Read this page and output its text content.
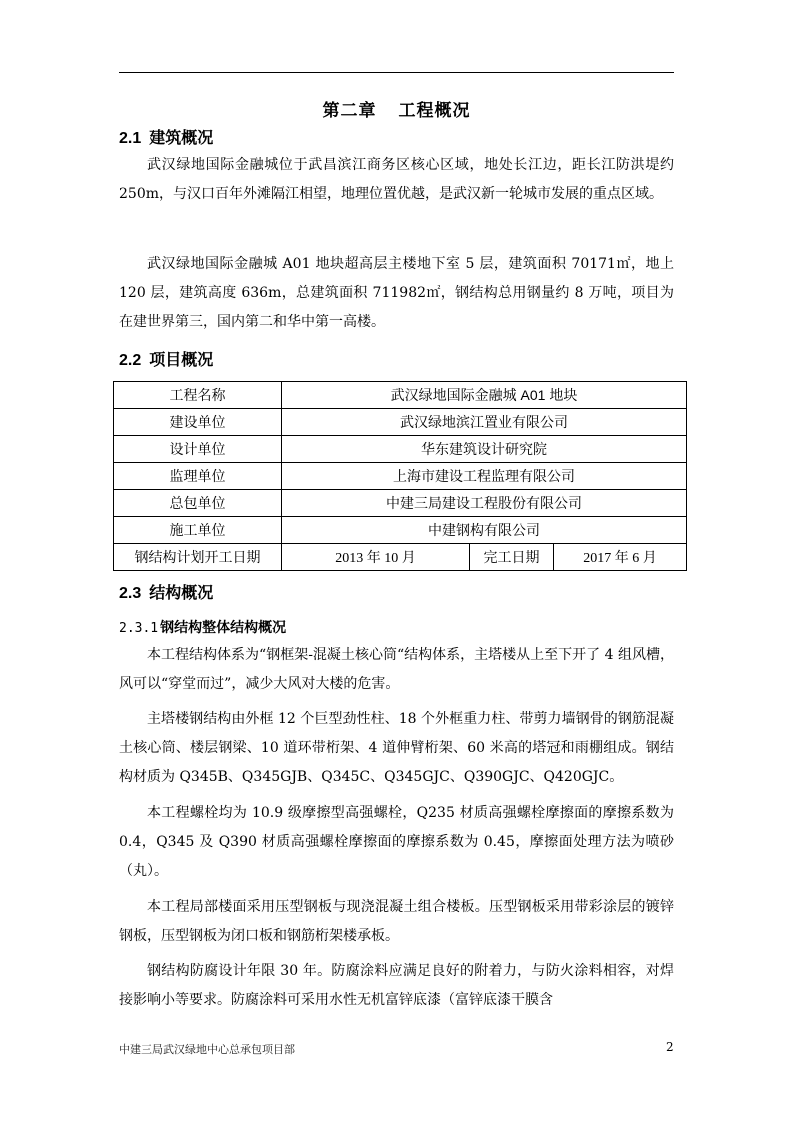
第二章 工程概况
2.1 建筑概况
武汉绿地国际金融城位于武昌滨江商务区核心区域，地处长江边，距长江防洪堤约 250m，与汉口百年外滩隔江相望，地理位置优越，是武汉新一轮城市发展的重点区域。
武汉绿地国际金融城 A01 地块超高层主楼地下室 5 层，建筑面积 70171㎡，地上 120 层，建筑高度 636m，总建筑面积 711982㎡，钢结构总用钢量约 8 万吨，项目为在建世界第三，国内第二和华中第一高楼。
2.2 项目概况
工程名称	武汉绿地国际金融城 A01 地块		
建设单位	武汉绿地滨江置业有限公司		
设计单位	华东建筑设计研究院		
监理单位	上海市建设工程监理有限公司		
总包单位	中建三局建设工程股份有限公司		
施工单位	中建钢构有限公司		
钢结构计划开工日期	2013 年 10 月	完工日期	2017 年 6 月
2.3 结构概况
2.3.1 钢结构整体结构概况
本工程结构体系为“钢框架-混凝土核心筒“结构体系，主塔楼从上至下开了 4 组风槽，风可以“穿堂而过”，减少大风对大楼的危害。
主塔楼钢结构由外框 12 个巨型劲性柱、18 个外框重力柱、带剪力墙钢骨的钢筋混凝土核心筒、楼层钢梁、10 道环带桁架、4 道伸臂桁架、60 米高的塔冠和雨棚组成。钢结构材质为 Q345B、Q345GJB、Q345C、Q345GJC、Q390GJC、Q420GJC。
本工程螺栓均为 10.9 级摩擦型高强螺栓，Q235 材质高强螺栓摩擦面的摩擦系数为 0.4，Q345 及 Q390 材质高强螺栓摩擦面的摩擦系数为 0.45，摩擦面处理方法为喷砂（丸）。
本工程局部楼面采用压型钢板与现浇混凝土组合楼板。压型钢板采用带彩涂层的镀锌钢板，压型钢板为闭口板和钢筋桁架楼承板。
钢结构防腐设计年限 30 年。防腐涂料应满足良好的附着力，与防火涂料相容，对焊接影响小等要求。防腐涂料可采用水性无机富锌底漆（富锌底漆干膜含
中建三局武汉绿地中心总承包项目部	2
